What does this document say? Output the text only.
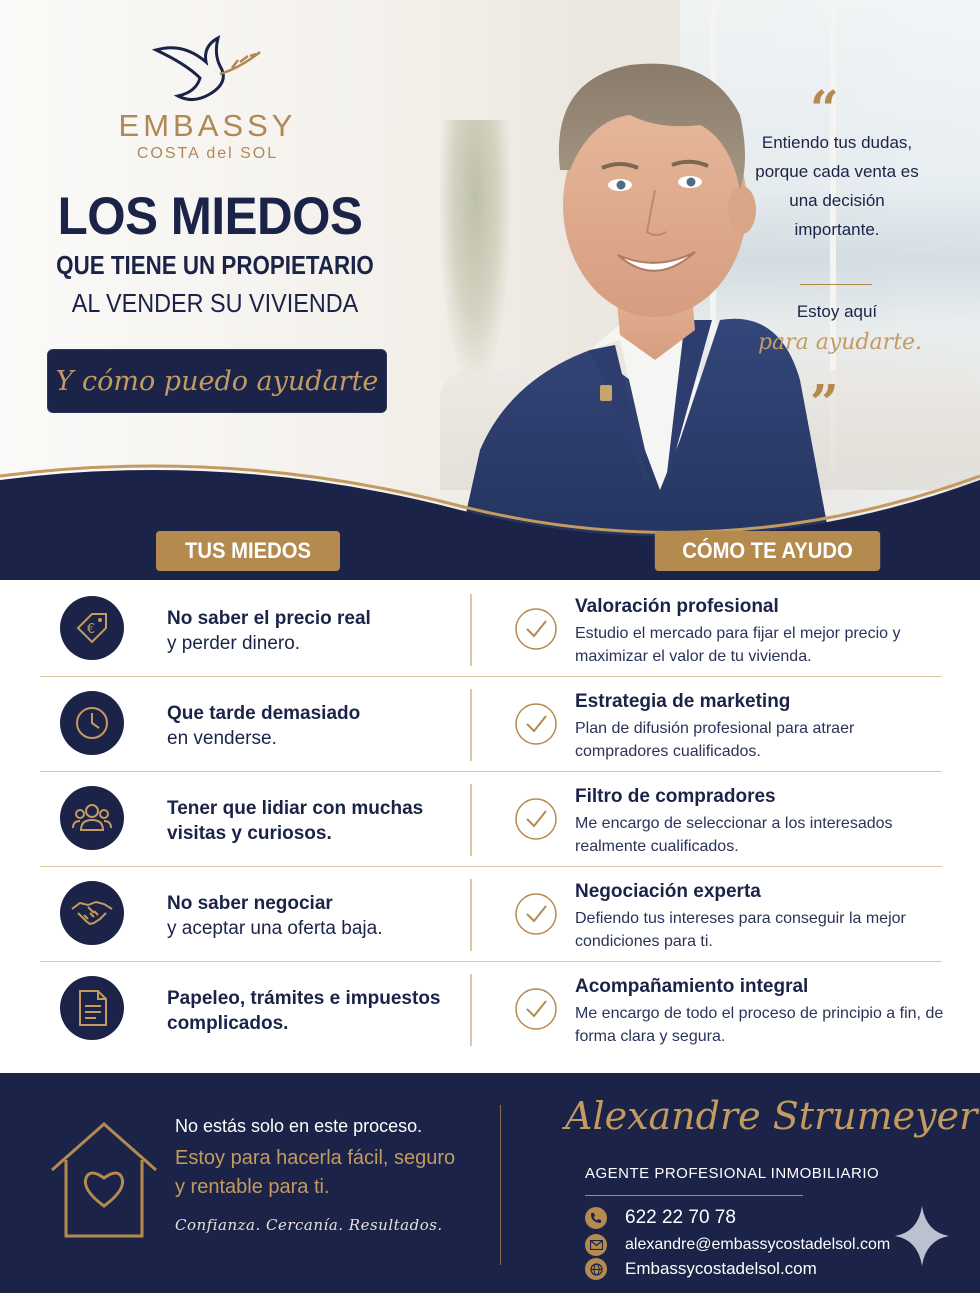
EMBASSY
COSTA del SOL
LOS MIEDOS
QUE TIENE UN PROPIETARIO
AL VENDER SU VIVIENDA
Y cómo puedo ayudarte
“
Entiendo tus dudas, porque cada venta es una decisión importante.
Estoy aquí
para ayudarte.
”
TUS MIEDOS	CÓMO TE AYUDO
€
No saber el precio real
y perder dinero.
Valoración profesional
Estudio el mercado para fijar el mejor precio y maximizar el valor de tu vivienda.
Que tarde demasiado
en venderse.
Estrategia de marketing
Plan de difusión profesional para atraer compradores cualificados.
Tener que lidiar con muchas visitas y curiosos.
Filtro de compradores
Me encargo de seleccionar a los interesados realmente cualificados.
No saber negociar
y aceptar una oferta baja.
Negociación experta
Defiendo tus intereses para conseguir la mejor condiciones para ti.
Papeleo, trámites e impuestos complicados.
Acompañamiento integral
Me encargo de todo el proceso de principio a fin, de forma clara y segura.
No estás solo en este proceso.
Estoy para hacerla fácil, seguro y rentable para ti.
Confianza. Cercanía. Resultados.
Alexandre Strumeyer
AGENTE PROFESIONAL INMOBILIARIO
622 22 70 78
alexandre@embassycostadelsol.com
Embassycostadelsol.com
